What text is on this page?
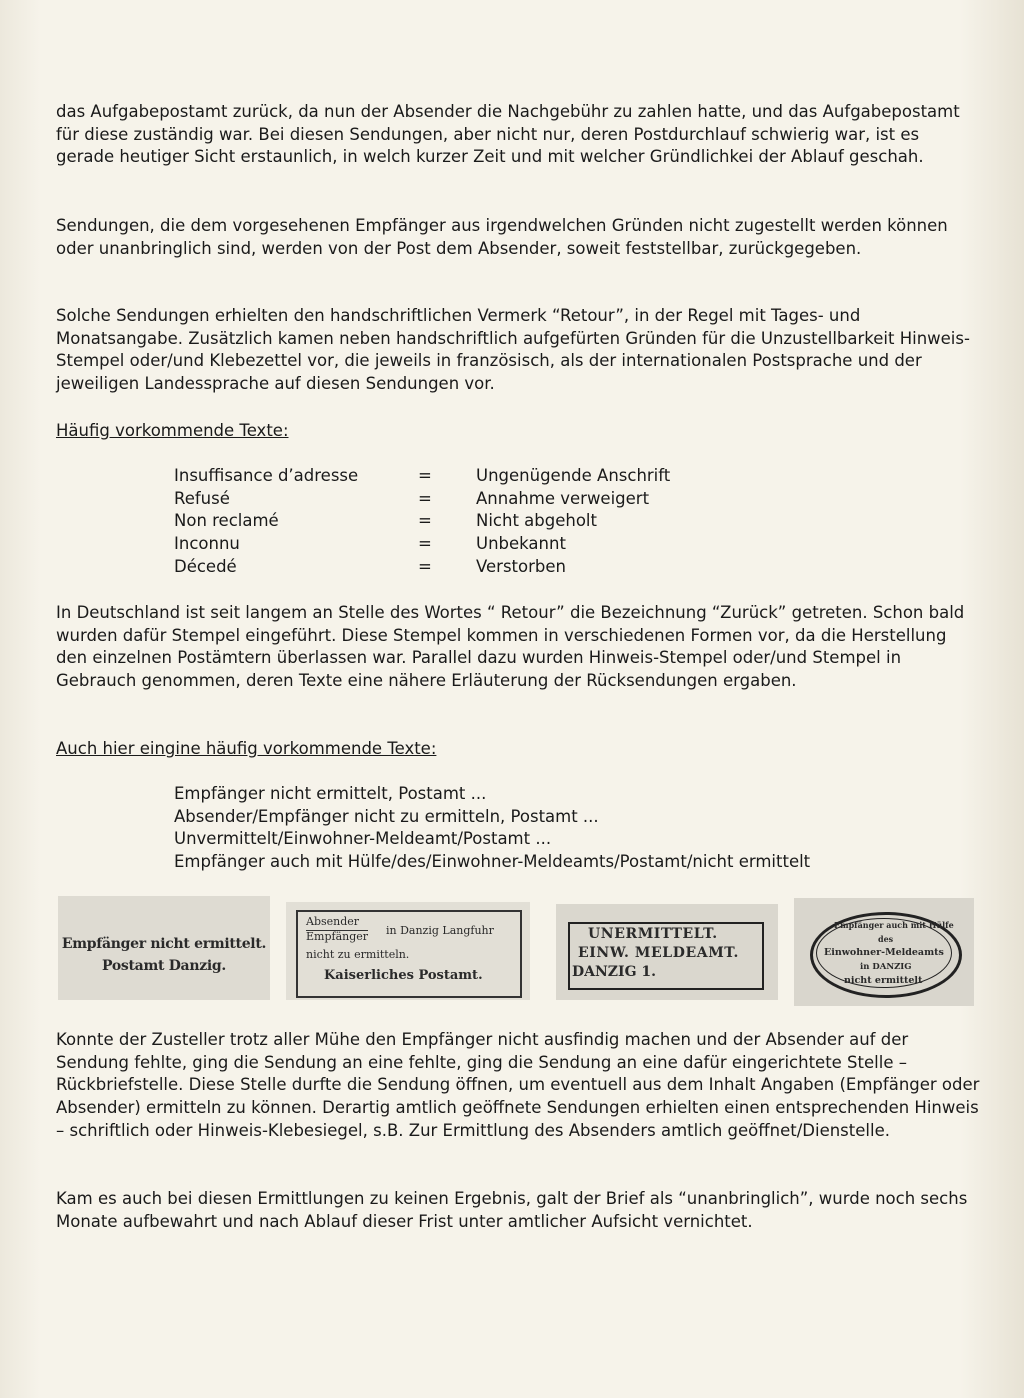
das Aufgabepostamt zurück, da nun der Absender die Nachgebühr zu zahlen hatte, und das Aufgabepostamt für diese zuständig war. Bei diesen Sendungen, aber nicht nur, deren Postdurchlauf schwierig war, ist es gerade heutiger Sicht erstaunlich, in welch kurzer Zeit und mit welcher Gründlichkei der Ablauf geschah.

Sendungen, die dem vorgesehenen Empfänger aus irgendwelchen Gründen nicht zugestellt werden können oder unanbringlich sind, werden von der Post dem Absender, soweit feststellbar, zurückgegeben.

Solche Sendungen erhielten den handschriftlichen Vermerk “Retour”, in der Regel mit Tages- und Monatsangabe. Zusätzlich kamen neben handschriftlich aufgefürten Gründen für die Unzustellbarkeit Hinweis-Stempel oder/und Klebezettel vor, die jeweils in französisch, als der internationalen Postsprache und der jeweiligen Landessprache auf diesen Sendungen vor.

Häufig vorkommende Texte:

Insuffisance d’adresse	=	Ungenügende Anschrift
Refusé	=	Annahme verweigert
Non reclamé	=	Nicht abgeholt
Inconnu	=	Unbekannt
Décedé	=	Verstorben

In Deutschland ist seit langem an Stelle des Wortes “ Retour” die Bezeichnung “Zurück” getreten. Schon bald wurden dafür Stempel eingeführt. Diese Stempel kommen in verschiedenen Formen vor, da die Herstellung den einzelnen Postämtern überlassen war. Parallel dazu wurden Hinweis-Stempel oder/und Stempel in Gebrauch genommen, deren Texte eine nähere Erläuterung der Rücksendungen ergaben.

Auch hier eingine häufig vorkommende Texte:

Empfänger nicht ermittelt, Postamt ...
Absender/Empfänger nicht zu ermitteln, Postamt ...
Unvermittelt/Einwohner-Meldeamt/Postamt ...
Empfänger auch mit Hülfe/des/Einwohner-Meldeamts/Postamt/nicht ermittelt
Empfänger nicht ermittelt.
Postamt Danzig.
Absender
Empfänger in Danzig Langfuhr
nicht zu ermitteln.
Kaiserliches Postamt.
UNERMITTELT.
EINW. MELDEAMT.
DANZIG 1.
Empfänger auch mit Hülfe
des
Einwohner-Meldeamts
in DANZIG
nicht ermittelt

Konnte der Zusteller trotz aller Mühe den Empfänger nicht ausfindig machen und der Absender auf der Sendung fehlte, ging die Sendung an eine fehlte, ging die Sendung an eine dafür eingerichtete Stelle – Rückbriefstelle. Diese Stelle durfte die Sendung öffnen, um eventuell aus dem Inhalt Angaben (Empfänger oder Absender) ermitteln zu können. Derartig amtlich geöffnete Sendungen erhielten einen entsprechenden Hinweis – schriftlich oder Hinweis-Klebesiegel, s.B. Zur Ermittlung des Absenders amtlich geöffnet/Dienstelle.

Kam es auch bei diesen Ermittlungen zu keinen Ergebnis, galt der Brief als “unanbringlich”, wurde noch sechs Monate aufbewahrt und nach Ablauf dieser Frist unter amtlicher Aufsicht vernichtet.
